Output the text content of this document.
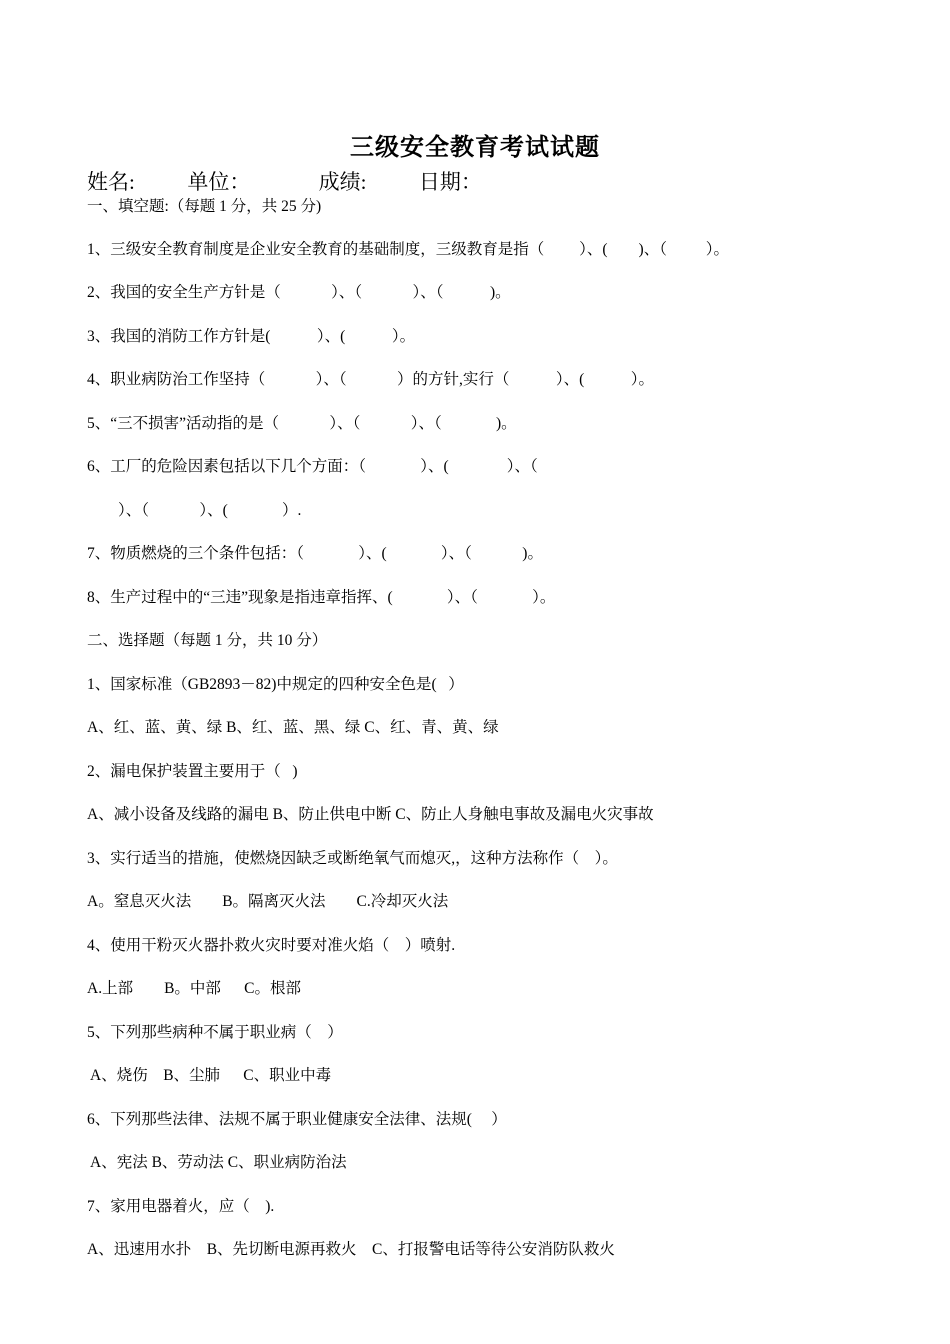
三级安全教育考试试题
姓名:          单位：             成绩:          日期：
一、填空题:（每题 1 分，共 25 分)
1、三级安全教育制度是企业安全教育的基础制度，三级教育是指（         ）、(        )、（          ）。
2、我国的安全生产方针是（             ）、（             ）、（            )。
3、我国的消防工作方针是(            ）、(            ）。
4、职业病防治工作坚持（             ）、（             ）的方针,实行（            ）、(            ）。
5、“三不损害”活动指的是（             ）、（             ）、（              )。
6、工厂的危险因素包括以下几个方面：（              ）、(               ）、（
）、（             ）、(              ）.
7、物质燃烧的三个条件包括：（              ）、(              ）、（             )。
8、生产过程中的“三违”现象是指违章指挥、(              ）、（              ）。
二、选择题（每题 1 分，共 10 分）
1、国家标准（GB2893－82)中规定的四种安全色是(   ）
A、红、蓝、黄、绿 B、红、蓝、黑、绿 C、红、青、黄、绿
2、漏电保护装置主要用于（   )
A、减小设备及线路的漏电 B、防止供电中断 C、防止人身触电事故及漏电火灾事故
3、实行适当的措施，使燃烧因缺乏或断绝氧气而熄灭,，这种方法称作（    ）。
A。窒息灭火法        B。隔离灭火法        C.冷却灭火法
4、使用干粉灭火器扑救火灾时要对准火焰（    ）喷射.
A.上部        B。中部      C。根部
5、下列那些病种不属于职业病（    ）
A、烧伤    B、尘肺      C、职业中毒
6、下列那些法律、法规不属于职业健康安全法律、法规(     ）
A、宪法 B、劳动法 C、职业病防治法
7、家用电器着火，应（    ).
A、迅速用水扑    B、先切断电源再救火    C、打报警电话等待公安消防队救火
